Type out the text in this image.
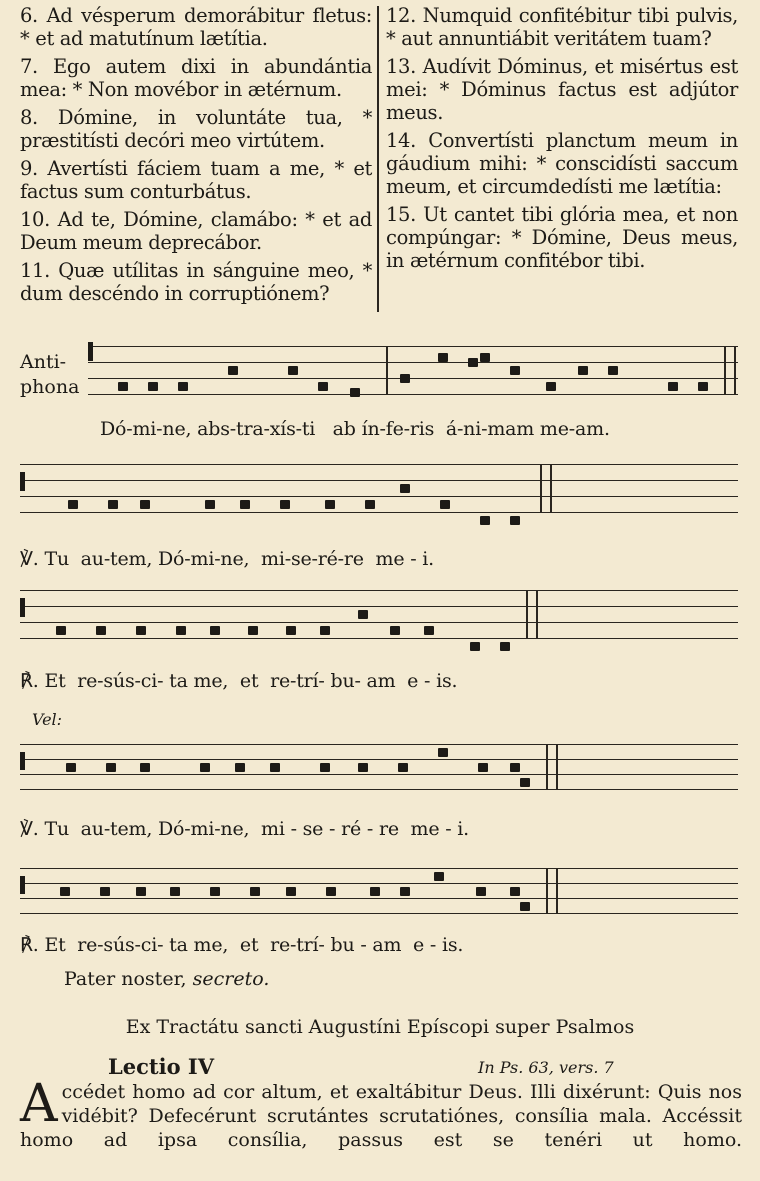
6. Ad vésperum demorábitur fletus: * et ad matutínum lætítia.

7. Ego autem dixi in abundántia mea: * Non movébor in ætérnum.

8. Dómine, in voluntáte tua, * præstitísti decóri meo virtútem.

9. Avertísti fáciem tuam a me, * et factus sum conturbátus.

10. Ad te, Dómine, clamábo: * et ad Deum meum deprecábor.

11. Quæ utílitas in sánguine meo, * dum descéndo in corruptiónem?

12. Numquid confitébitur tibi pulvis, * aut annuntiábit veritátem tuam?

13. Audívit Dóminus, et misértus est mei: * Dóminus factus est adjútor meus.

14. Convertísti planctum meum in gáudium mihi: * conscidísti saccum meum, et circumdedísti me lætítia:

15. Ut cantet tibi glória mea, et non compúngar: * Dómine, Deus meus, in ætérnum confitébor tibi.

Anti-
phona
Dó-mi-ne, abs-tra-xís-ti   ab ín-fe-ris  á-ni-mam me-am.
℣. Tu  au-tem, Dó-mi-ne,  mi-se-ré-re  me - i.
℟. Et  re-sús-ci- ta me,  et  re-trí- bu- am  e - is.
Vel:
℣. Tu  au-tem, Dó-mi-ne,  mi - se - ré - re  me - i.
℟. Et  re-sús-ci- ta me,  et  re-trí- bu - am  e - is.
Pater noster, secreto.
Ex Tractátu sancti Augustíni Epíscopi super Psalmos
Lectio IV	In Ps. 63, vers. 7
Accédet homo ad cor altum, et exaltábitur Deus. Illi dixérunt: Quis nos vidébit? Defecérunt scrutántes scrutatiónes, consília mala. Accéssit homo ad ipsa consília, passus est se tenéri ut homo.
